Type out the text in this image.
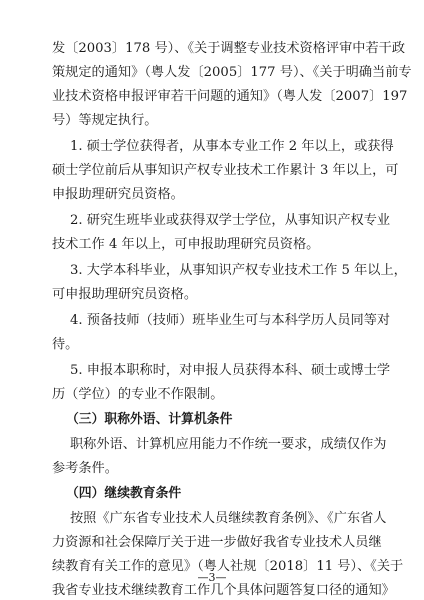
发〔2003〕178 号）、《关于调整专业技术资格评审中若干政
策规定的通知》（粤人发〔2005〕177 号）、《关于明确当前专
业技术资格申报评审若干问题的通知》（粤人发〔2007〕197
号）等规定执行。
1. 硕士学位获得者，从事本专业工作 2 年以上，或获得
硕士学位前后从事知识产权专业技术工作累计 3 年以上，可
申报助理研究员资格。
2. 研究生班毕业或获得双学士学位，从事知识产权专业
技术工作 4 年以上，可申报助理研究员资格。
3. 大学本科毕业，从事知识产权专业技术工作 5 年以上，
可申报助理研究员资格。
4. 预备技师（技师）班毕业生可与本科学历人员同等对
待。
5. 申报本职称时，对申报人员获得本科、硕士或博士学
历（学位）的专业不作限制。
（三）职称外语、计算机条件
职称外语、计算机应用能力不作统一要求，成绩仅作为
参考条件。
（四）继续教育条件
按照《广东省专业技术人员继续教育条例》、《广东省人
力资源和社会保障厅关于进一步做好我省专业技术人员继
续教育有关工作的意见》（粤人社规〔2018〕11 号）、《关于
我省专业技术继续教育工作几个具体问题答复口径的通知》
—3—
